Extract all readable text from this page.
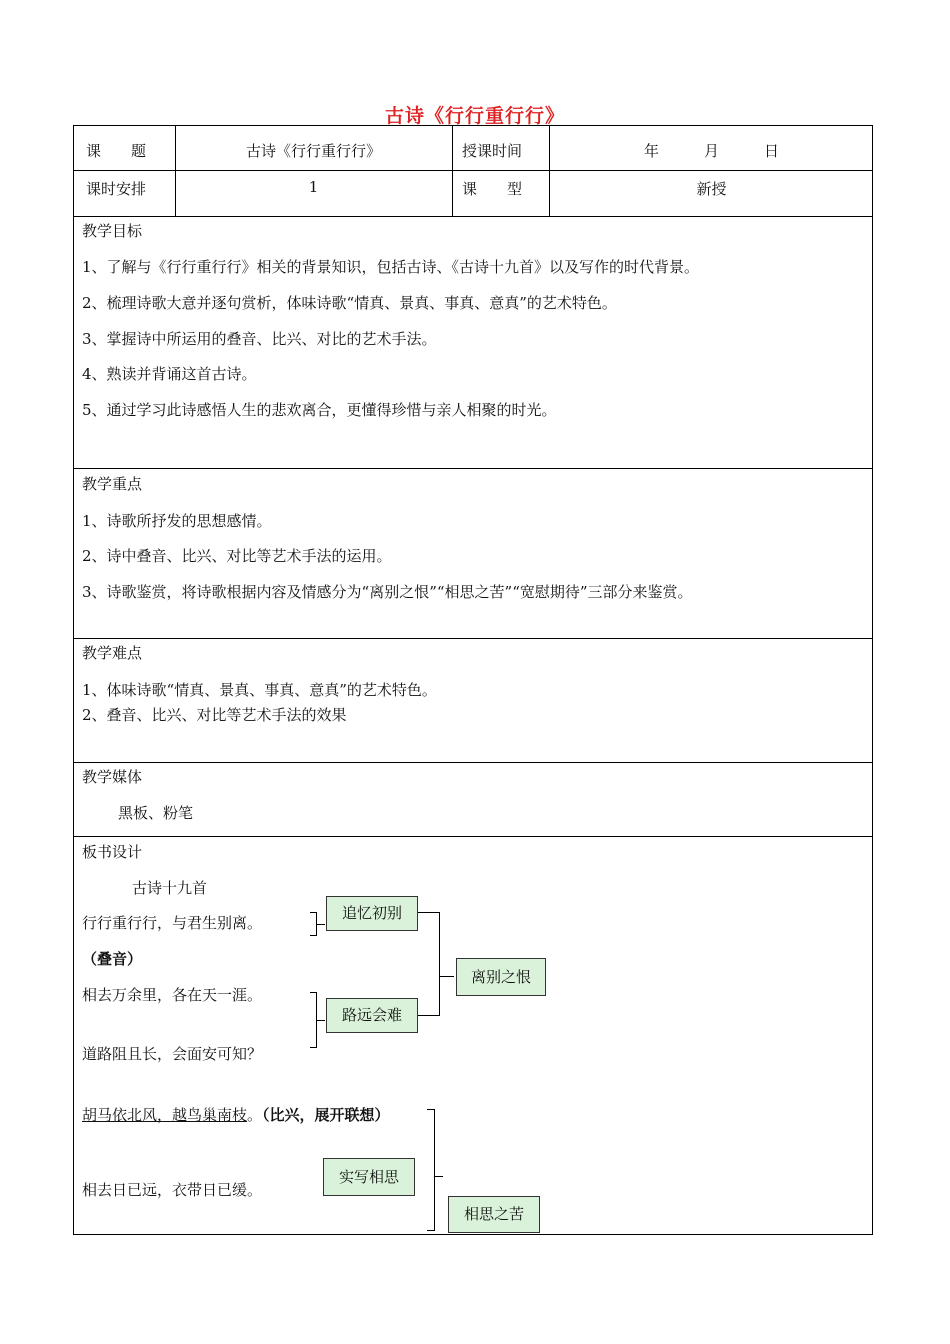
古诗《行行重行行》
课　　题	古诗《行行重行行》	授课时间	年　　　月　　　日
课时安排	1	课　　型	新授
教学目标
1、了解与《行行重行行》相关的背景知识，包括古诗、《古诗十九首》以及写作的时代背景。
2、梳理诗歌大意并逐句赏析，体味诗歌“情真、景真、事真、意真”的艺术特色。
3、掌握诗中所运用的叠音、比兴、对比的艺术手法。
4、熟读并背诵这首古诗。
5、通过学习此诗感悟人生的悲欢离合，更懂得珍惜与亲人相聚的时光。
教学重点
1、诗歌所抒发的思想感情。
2、诗中叠音、比兴、对比等艺术手法的运用。
3、诗歌鉴赏，将诗歌根据内容及情感分为“离别之恨”“相思之苦”“宽慰期待”三部分来鉴赏。
教学难点
1、体味诗歌“情真、景真、事真、意真”的艺术特色。
2、叠音、比兴、对比等艺术手法的效果
教学媒体
黑板、粉笔
板书设计
古诗十九首
行行重行行，与君生别离。
（叠音）
相去万余里，各在天一涯。
道路阻且长，会面安可知？
胡马依北风，越鸟巢南枝。（比兴，展开联想）
相去日已远，衣带日已缓。
追忆初别
路远会难
离别之恨
实写相思
相思之苦
